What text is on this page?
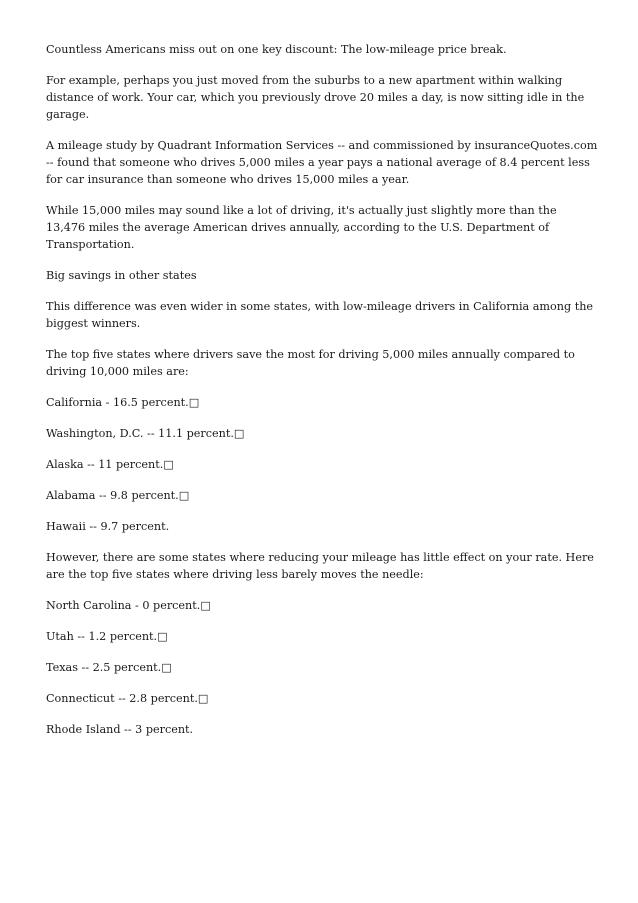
Countless Americans miss out on one key discount: The low-mileage price break.

For example, perhaps you just moved from the suburbs to a new apartment within walking distance of work. Your car, which you previously drove 20 miles a day, is now sitting idle in the garage.

A mileage study by Quadrant Information Services -- and commissioned by insuranceQuotes.com -- found that someone who drives 5,000 miles a year pays a national average of 8.4 percent less for car insurance than someone who drives 15,000 miles a year.

While 15,000 miles may sound like a lot of driving, it's actually just slightly more than the 13,476 miles the average American drives annually, according to the U.S. Department of Transportation.

Big savings in other states

This difference was even wider in some states, with low-mileage drivers in California among the biggest winners.

The top five states where drivers save the most for driving 5,000 miles annually compared to driving 10,000 miles are:

California - 16.5 percent.□

Washington, D.C. -- 11.1 percent.□

Alaska -- 11 percent.□

Alabama -- 9.8 percent.□

Hawaii -- 9.7 percent.

However, there are some states where reducing your mileage has little effect on your rate. Here are the top five states where driving less barely moves the needle:

North Carolina - 0 percent.□

Utah -- 1.2 percent.□

Texas -- 2.5 percent.□

Connecticut -- 2.8 percent.□

Rhode Island -- 3 percent.
